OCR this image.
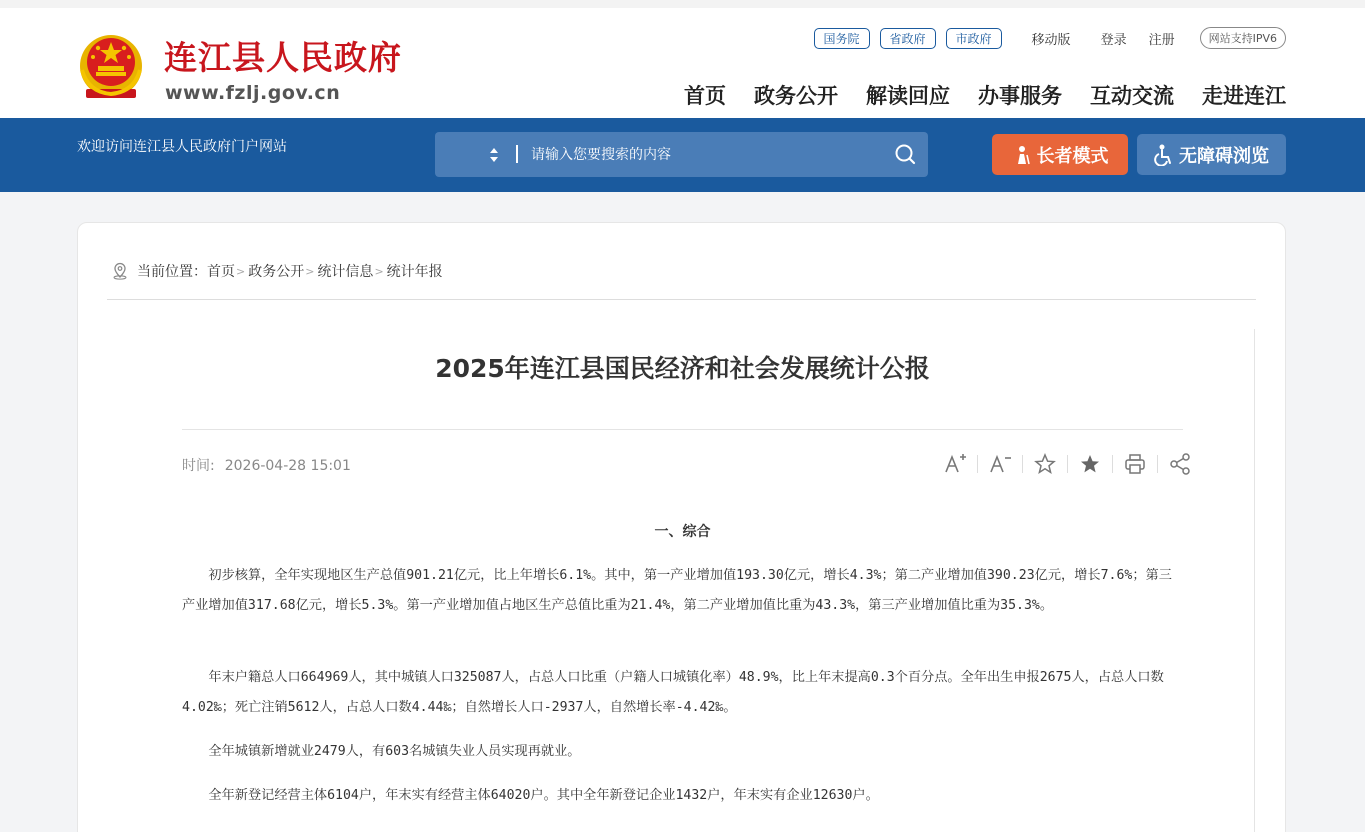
连江县人民政府
www.fzlj.gov.cn
国务院	省政府	市政府	移动版 登录 注册	网站支持IPV6
首页 政务公开 解读回应 办事服务 互动交流 走进连江
欢迎访问连江县人民政府门户网站
请输入您要搜索的内容	长者模式	无障碍浏览
当前位置： 首页 > 政务公开 > 统计信息 > 统计年报
2025年连江县国民经济和社会发展统计公报
时间: 2026-04-28 15:01
一、综合

初步核算，全年实现地区生产总值901.21亿元，比上年增长6.1%。其中，第一产业增加值193.30亿元，增长4.3%；第二产业增加值390.23亿元，增长7.6%；第三产业增加值317.68亿元，增长5.3%。第一产业增加值占地区生产总值比重为21.4%，第二产业增加值比重为43.3%，第三产业增加值比重为35.3%。

年末户籍总人口664969人，其中城镇人口325087人，占总人口比重（户籍人口城镇化率）48.9%，比上年末提高0.3个百分点。全年出生申报2675人，占总人口数 4.02‰；死亡注销5612人，占总人口数4.44‰；自然增长人口-2937人，自然增长率-4.42‰。

全年城镇新增就业2479人，有603名城镇失业人员实现再就业。

全年新登记经营主体6104户，年末实有经营主体64020户。其中全年新登记企业1432户，年末实有企业12630户。
